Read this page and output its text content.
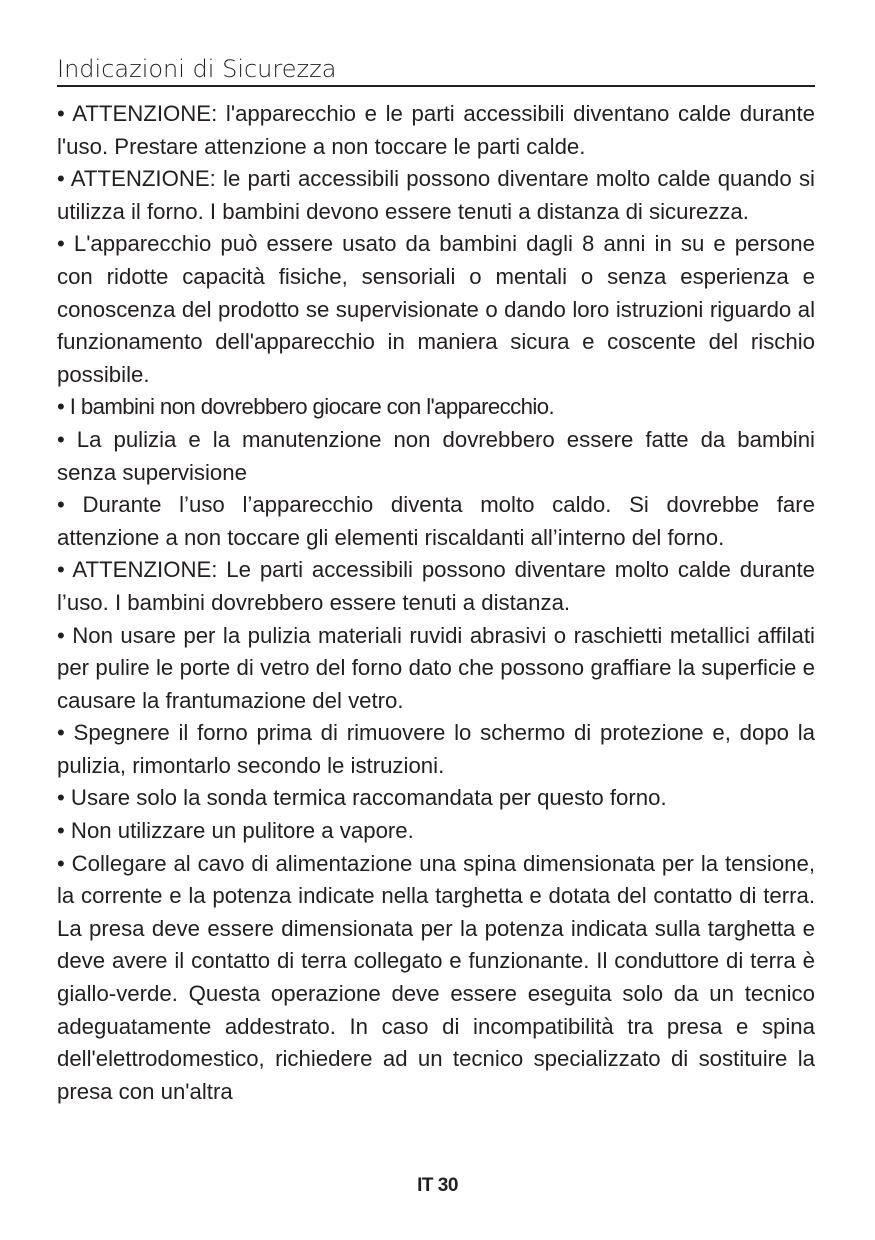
Indicazioni di Sicurezza

• ATTENZIONE: l'apparecchio e le parti accessibili diventano calde durante l'uso. Prestare attenzione a non toccare le parti calde.

• ATTENZIONE: le parti accessibili possono diventare molto calde quando si utilizza il forno. I bambini devono essere tenuti a distanza di sicurezza.

• L'apparecchio può essere usato da bambini dagli 8 anni in su e persone con ridotte capacità fisiche, sensoriali o mentali o senza esperienza e conoscenza del prodotto se supervisionate o dando loro istruzioni riguardo al funzionamento dell'apparecchio in maniera sicura e coscente del rischio possibile.

• I bambini non dovrebbero giocare con l'apparecchio.

• La pulizia e la manutenzione non dovrebbero essere fatte da bambini senza supervisione

• Durante l’uso l’apparecchio diventa molto caldo. Si dovrebbe fare attenzione a non toccare gli elementi riscaldanti all’interno del forno.

• ATTENZIONE: Le parti accessibili possono diventare molto calde durante l’uso. I bambini dovrebbero essere tenuti a distanza.

• Non usare per la pulizia materiali ruvidi abrasivi o raschietti metallici affilati per pulire le porte di vetro del forno dato che possono graffiare la superficie e causare la frantumazione del vetro.

• Spegnere il forno prima di rimuovere lo schermo di protezione e, dopo la pulizia, rimontarlo secondo le istruzioni.

• Usare solo la sonda termica raccomandata per questo forno.

• Non utilizzare un pulitore a vapore.

• Collegare al cavo di alimentazione una spina dimensionata per la tensione, la corrente e la potenza indicate nella targhetta e dotata del contatto di terra. La presa deve essere dimensionata per la potenza indicata sulla targhetta e deve avere il contatto di terra collegato e funzionante. Il conduttore di terra è giallo-verde. Questa operazione deve essere eseguita solo da un tecnico adeguatamente addestrato. In caso di incompatibilità tra presa e spina dell'elettrodomestico, richiedere ad un tecnico specializzato di sostituire la presa con un'altra

IT 30
